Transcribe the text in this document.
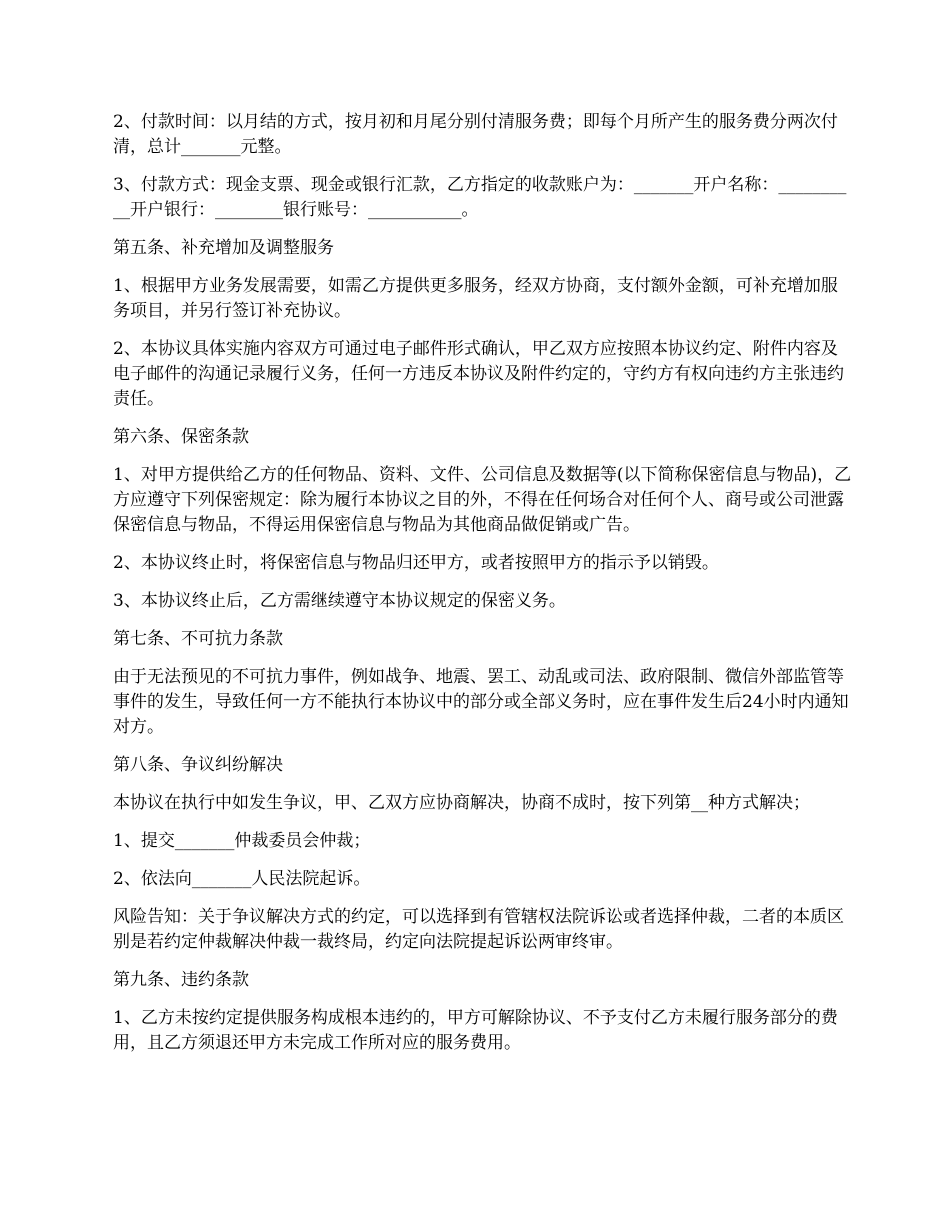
2、付款时间：以月结的方式，按月初和月尾分别付清服务费；即每个月所产生的服务费分两次付清，总计_______元整。

3、付款方式：现金支票、现金或银行汇款，乙方指定的收款账户为：_______开户名称：__________开户银行：________银行账号：___________。

第五条、补充增加及调整服务

1、根据甲方业务发展需要，如需乙方提供更多服务，经双方协商，支付额外金额，可补充增加服务项目，并另行签订补充协议。

2、本协议具体实施内容双方可通过电子邮件形式确认，甲乙双方应按照本协议约定、附件内容及电子邮件的沟通记录履行义务，任何一方违反本协议及附件约定的，守约方有权向违约方主张违约责任。

第六条、保密条款

1、对甲方提供给乙方的任何物品、资料、文件、公司信息及数据等(以下简称保密信息与物品)，乙方应遵守下列保密规定：除为履行本协议之目的外，不得在任何场合对任何个人、商号或公司泄露保密信息与物品，不得运用保密信息与物品为其他商品做促销或广告。

2、本协议终止时，将保密信息与物品归还甲方，或者按照甲方的指示予以销毁。

3、本协议终止后，乙方需继续遵守本协议规定的保密义务。

第七条、不可抗力条款

由于无法预见的不可抗力事件，例如战争、地震、罢工、动乱或司法、政府限制、微信外部监管等事件的发生，导致任何一方不能执行本协议中的部分或全部义务时，应在事件发生后24小时内通知对方。

第八条、争议纠纷解决

本协议在执行中如发生争议，甲、乙双方应协商解决，协商不成时，按下列第__种方式解决；

1、提交_______仲裁委员会仲裁；

2、依法向_______人民法院起诉。

风险告知：关于争议解决方式的约定，可以选择到有管辖权法院诉讼或者选择仲裁，二者的本质区别是若约定仲裁解决仲裁一裁终局，约定向法院提起诉讼两审终审。

第九条、违约条款

1、乙方未按约定提供服务构成根本违约的，甲方可解除协议、不予支付乙方未履行服务部分的费用，且乙方须退还甲方未完成工作所对应的服务费用。
